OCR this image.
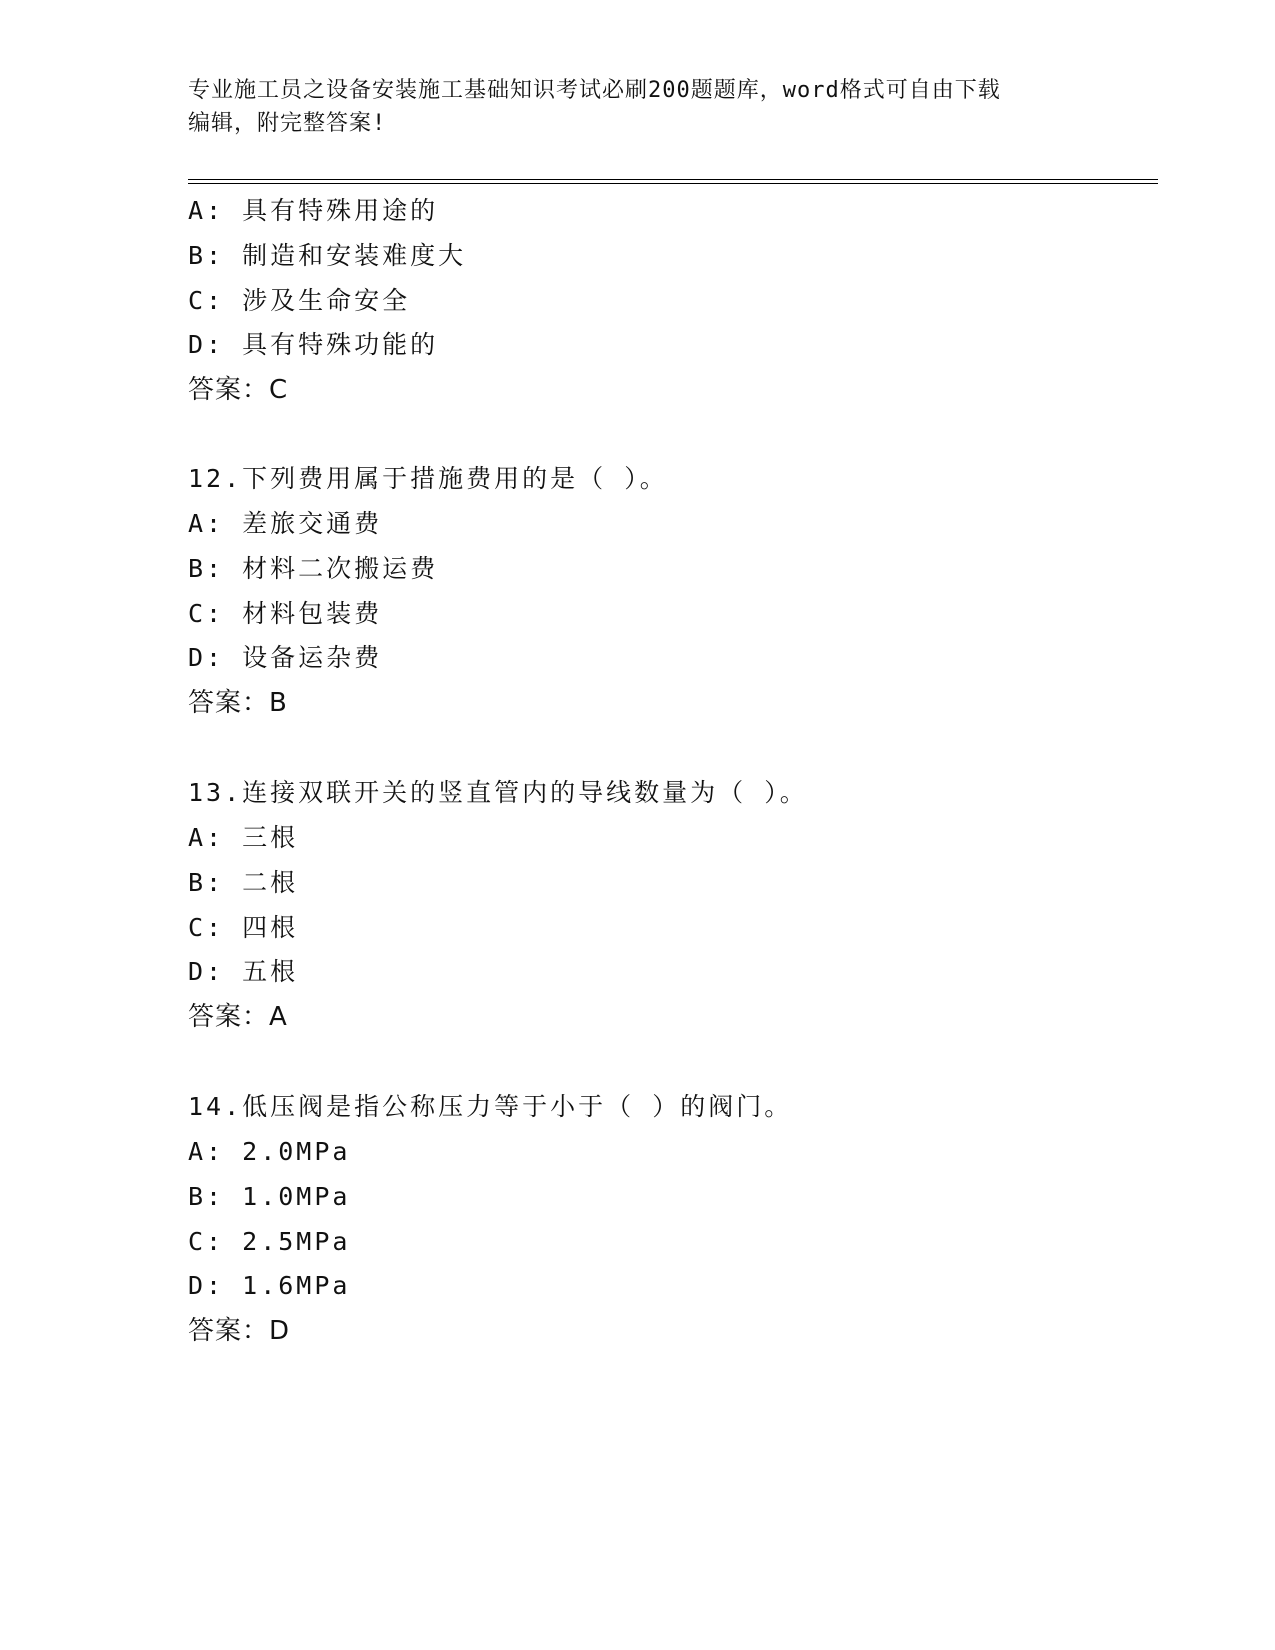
专业施工员之设备安装施工基础知识考试必刷200题题库，word格式可自由下载
编辑，附完整答案!
A: 具有特殊用途的
B: 制造和安装难度大
C: 涉及生命安全
D: 具有特殊功能的
答案：C
12.下列费用属于措施费用的是（ ）。
A: 差旅交通费
B: 材料二次搬运费
C: 材料包装费
D: 设备运杂费
答案：B
13.连接双联开关的竖直管内的导线数量为（ ）。
A: 三根
B: 二根
C: 四根
D: 五根
答案：A
14.低压阀是指公称压力等于小于（ ）的阀门。
A: 2.0MPa
B: 1.0MPa
C: 2.5MPa
D: 1.6MPa
答案：D
